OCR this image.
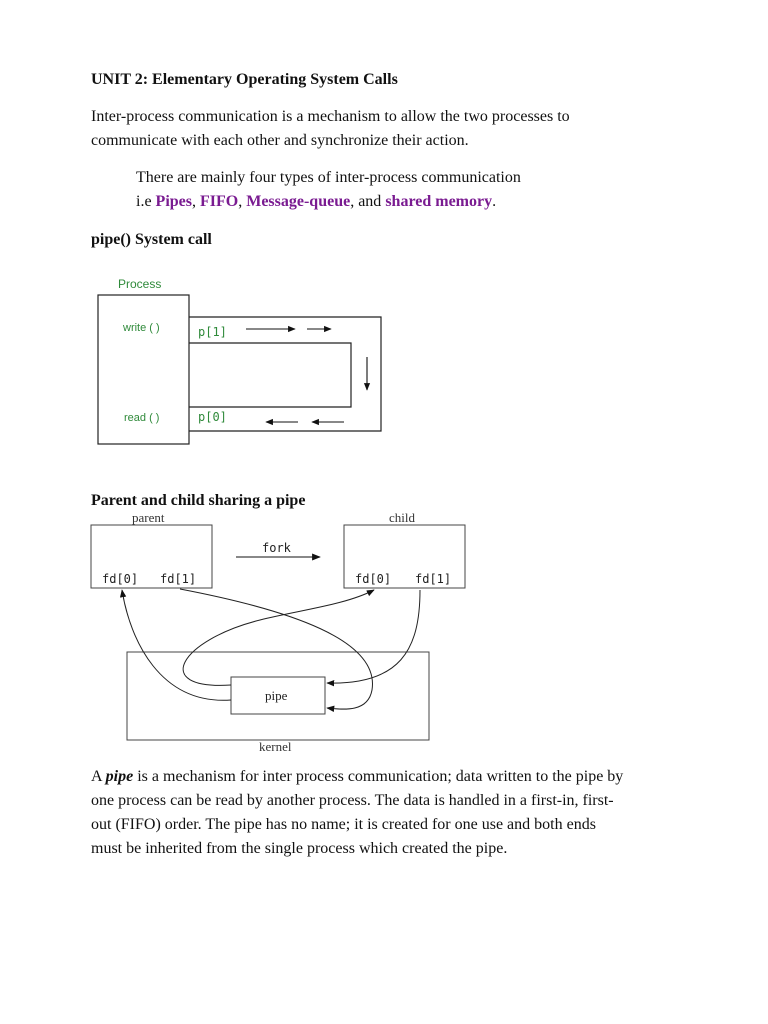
UNIT 2: Elementary Operating System Calls
Inter-process communication is a mechanism to allow the two processes to
communicate with each other and synchronize their action.
There are mainly four types of inter-process communication
i.e Pipes, FIFO, Message-queue, and shared memory.
pipe() System call
Process
write ( )
read ( )
p[1]
p[0]
Parent and child sharing a pipe
parent	child
fork
fd[0] fd[1]	fd[0] fd[1]
pipe
kernel
A pipe is a mechanism for inter process communication; data written to the pipe by
one process can be read by another process. The data is handled in a first-in, first-
out (FIFO) order. The pipe has no name; it is created for one use and both ends
must be inherited from the single process which created the pipe.
